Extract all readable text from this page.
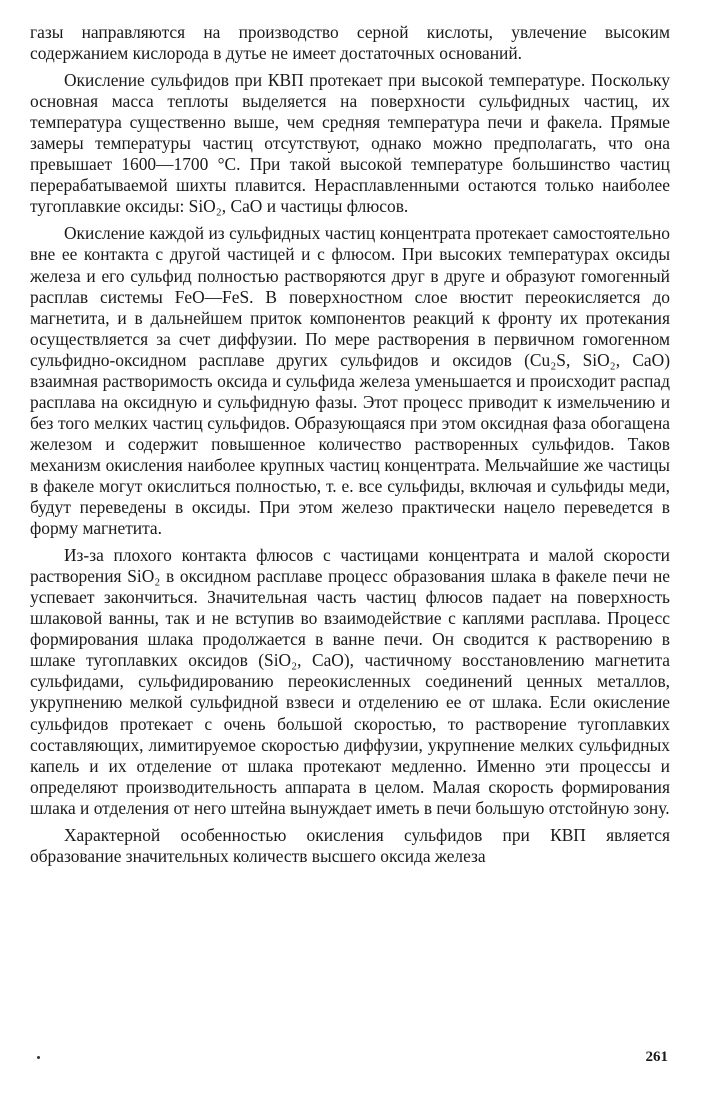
газы направляются на производство серной кислоты, увлечение высоким содержанием кислорода в дутье не имеет достаточных оснований.

Окисление сульфидов при КВП протекает при высокой температуре. Поскольку основная масса теплоты выделяется на поверхности сульфидных частиц, их температура существенно выше, чем средняя температура печи и факела. Прямые замеры температуры частиц отсутствуют, однако можно предполагать, что она превышает 1600—1700 °С. При такой высокой температуре большинство частиц перерабатываемой шихты плавится. Нерасплавленными остаются только наиболее тугоплавкие оксиды: SiO₂, CaO и частицы флюсов.

Окисление каждой из сульфидных частиц концентрата протекает самостоятельно вне ее контакта с другой частицей и с флюсом. При высоких температурах оксиды железа и его сульфид полностью растворяются друг в друге и образуют гомогенный расплав системы FeO—FeS. В поверхностном слое вюстит переокисляется до магнетита, и в дальнейшем приток компонентов реакций к фронту их протекания осуществляется за счет диффузии. По мере растворения в первичном гомогенном сульфидно-оксидном расплаве других сульфидов и оксидов (Cu₂S, SiO₂, CaO) взаимная растворимость оксида и сульфида железа уменьшается и происходит распад расплава на оксидную и сульфидную фазы. Этот процесс приводит к измельчению и без того мелких частиц сульфидов. Образующаяся при этом оксидная фаза обогащена железом и содержит повышенное количество растворенных сульфидов. Таков механизм окисления наиболее крупных частиц концентрата. Мельчайшие же частицы в факеле могут окислиться полностью, т. е. все сульфиды, включая и сульфиды меди, будут переведены в оксиды. При этом железо практически нацело переведется в форму магнетита.

Из-за плохого контакта флюсов с частицами концентрата и малой скорости растворения SiO₂ в оксидном расплаве процесс образования шлака в факеле печи не успевает закончиться. Значительная часть частиц флюсов падает на поверхность шлаковой ванны, так и не вступив во взаимодействие с каплями расплава. Процесс формирования шлака продолжается в ванне печи. Он сводится к растворению в шлаке тугоплавких оксидов (SiO₂, CaO), частичному восстановлению магнетита сульфидами, сульфидированию переокисленных соединений ценных металлов, укрупнению мелкой сульфидной взвеси и отделению ее от шлака. Если окисление сульфидов протекает с очень большой скоростью, то растворение тугоплавких составляющих, лимитируемое скоростью диффузии, укрупнение мелких сульфидных капель и их отделение от шлака протекают медленно. Именно эти процессы и определяют производительность аппарата в целом. Малая скорость формирования шлака и отделения от него штейна вынуждает иметь в печи большую отстойную зону.

Характерной особенностью окисления сульфидов при КВП является образование значительных количеств высшего оксида железа

261
